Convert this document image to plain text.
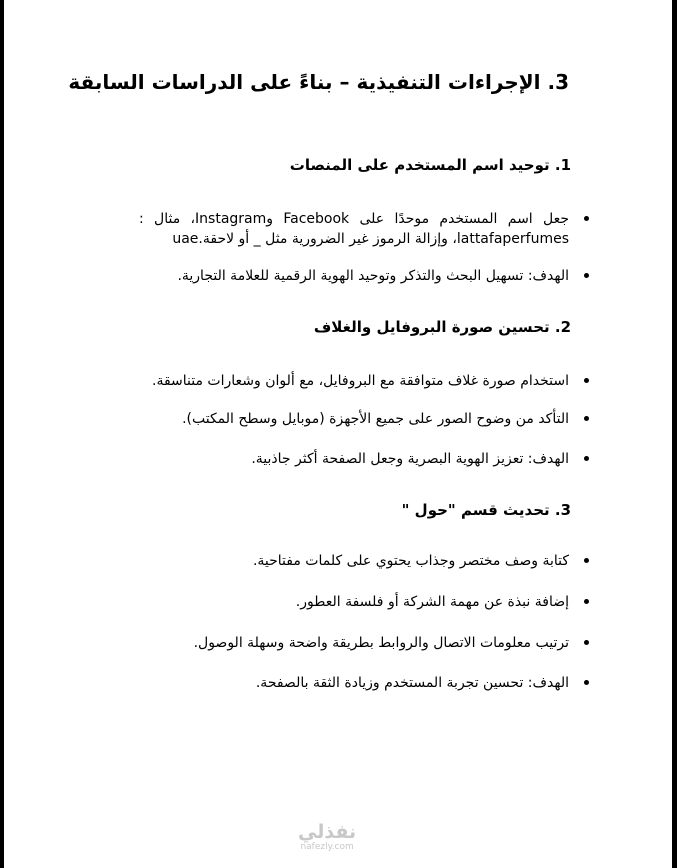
3. الإجراءات التنفيذية – بناءً على الدراسات السابقة
1. توحيد اسم المستخدم على المنصات
جعل اسم المستخدم موحدًا على Facebook وInstagram، مثال : lattafaperfumes، وإزالة الرموز غير الضرورية مثل _ أو لاحقة.uae
الهدف: تسهيل البحث والتذكر وتوحيد الهوية الرقمية للعلامة التجارية.
2. تحسين صورة البروفايل والغلاف
استخدام صورة غلاف متوافقة مع البروفايل، مع ألوان وشعارات متناسقة.
التأكد من وضوح الصور على جميع الأجهزة (موبايل وسطح المكتب).
الهدف: تعزيز الهوية البصرية وجعل الصفحة أكثر جاذبية.
3. تحديث قسم "حول "
كتابة وصف مختصر وجذاب يحتوي على كلمات مفتاحية.
إضافة نبذة عن مهمة الشركة أو فلسفة العطور.
ترتيب معلومات الاتصال والروابط بطريقة واضحة وسهلة الوصول.
الهدف: تحسين تجربة المستخدم وزيادة الثقة بالصفحة.
نفذلي
nafezly.com
